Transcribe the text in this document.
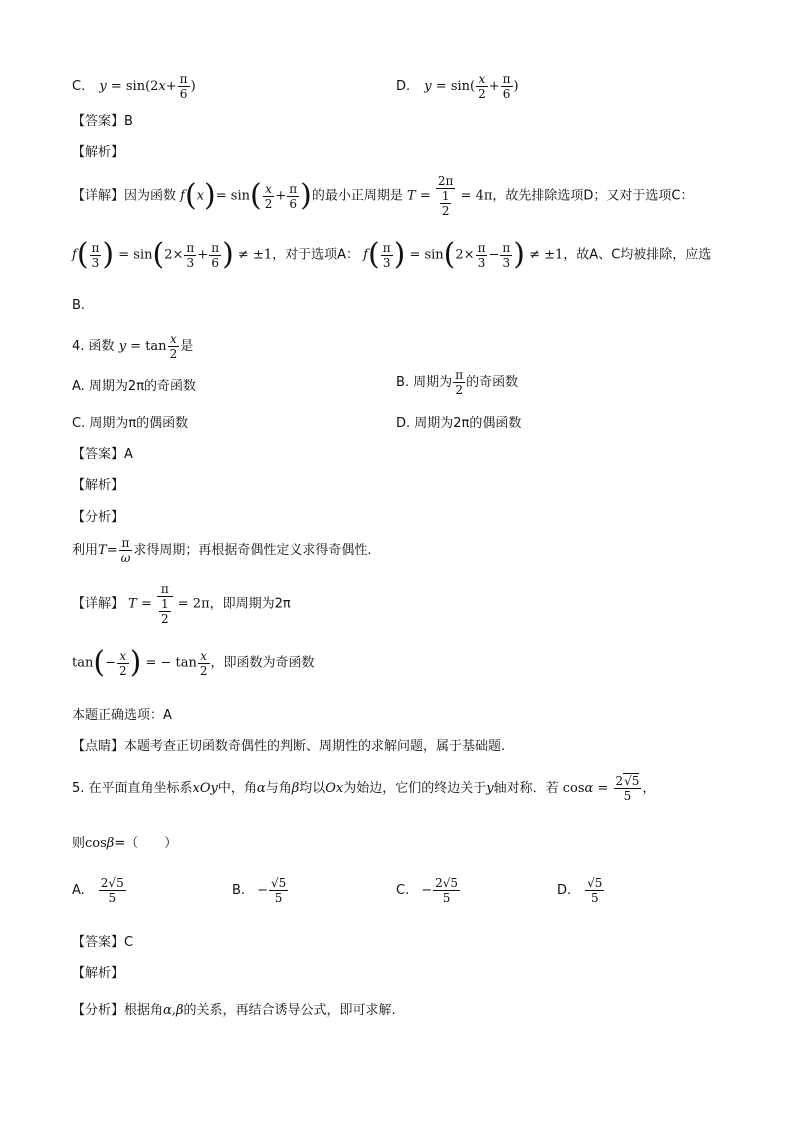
C. $y = \sin(2x+ \frac{\pi}{6}$ )	D. $y = \sin( \frac{x}{2} + \frac{\pi}{6}$ )
【答案】B
【解析】
【详解】因为函数 $f(x)= \sin( \frac{x}{2} + \frac{\pi}{6}$ )的最小正周期是 $T = \frac{2\pi}{\frac{1}{2}} = 4\pi$，故先排除选项D；又对于选项C：
$f( \frac{\pi}{3}$ ) = $\sin(2\times \frac{\pi}{3} + \frac{\pi}{6}$ ) ≠ ±1，对于选项A： $f( \frac{\pi}{3}$ ) = $\sin(2\times \frac{\pi}{3} - \frac{\pi}{3}$ ) ≠ ±1，故A、C均被排除，应选
B.
4. 函数 $y = \tan \frac{x}{2}$ 是
A. 周期为2π的奇函数	B. 周期为 $\frac{\pi}{2}$ 的奇函数
C. 周期为π的偶函数	D. 周期为2π的偶函数
【答案】A
【解析】
【分析】
利用$T= \frac{\pi}{\omega}$ 求得周期；再根据奇偶性定义求得奇偶性.
【详解】 $T = \frac{\pi}{\frac{1}{2}} = 2\pi$，即周期为2π
$\tan(- \frac{x}{2}$ ) = − $\tan \frac{x}{2}$ ，即函数为奇函数
本题正确选项：A
【点睛】本题考查正切函数奇偶性的判断、周期性的求解问题，属于基础题.
5. 在平面直角坐标系xOy中，角α与角β均以Ox为始边，它们的终边关于y轴对称．若 $\cos\alpha = \frac{2√5}{5}$ ，
则cosβ=（　　）
A. $\frac{2√5}{5}$	B. − $\frac{√5}{5}$	C. − $\frac{2√5}{5}$	D. $\frac{√5}{5}$
【答案】C
【解析】
【分析】根据角α,β的关系，再结合诱导公式，即可求解.
